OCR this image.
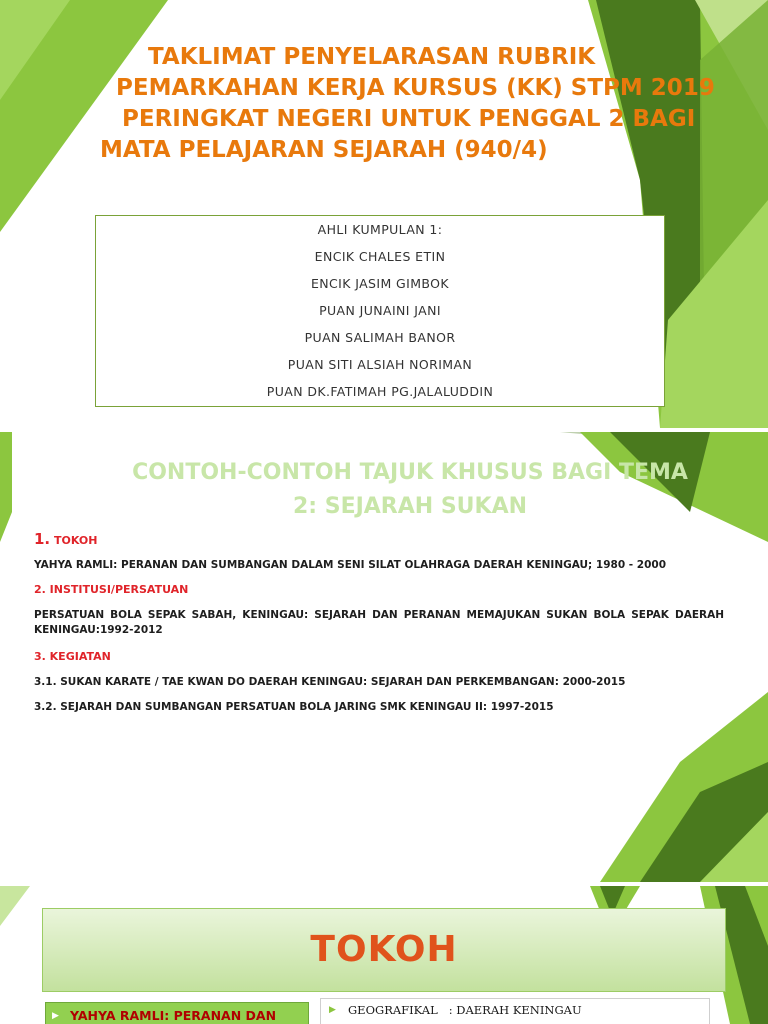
TAKLIMAT PENYELARASAN RUBRIK
PEMARKAHAN KERJA KURSUS (KK) STPM 2019
PERINGKAT NEGERI UNTUK PENGGAL 2 BAGI
MATA PELAJARAN SEJARAH (940/4)
AHLI KUMPULAN 1:
ENCIK CHALES ETIN
ENCIK JASIM GIMBOK
PUAN JUNAINI JANI
PUAN SALIMAH BANOR
PUAN SITI ALSIAH NORIMAN
PUAN DK.FATIMAH PG.JALALUDDIN
CONTOH-CONTOH TAJUK KHUSUS BAGI TEMA
2: SEJARAH SUKAN
1. TOKOH
YAHYA RAMLI: PERANAN DAN SUMBANGAN DALAM SENI SILAT OLAHRAGA DAERAH KENINGAU; 1980 - 2000
2. INSTITUSI/PERSATUAN
PERSATUAN BOLA SEPAK SABAH, KENINGAU: SEJARAH DAN PERANAN MEMAJUKAN SUKAN BOLA SEPAK DAERAH KENINGAU:1992-2012
3. KEGIATAN
3.1. SUKAN KARATE / TAE KWAN DO DAERAH KENINGAU: SEJARAH DAN PERKEMBANGAN: 2000-2015
3.2. SEJARAH DAN SUMBANGAN PERSATUAN BOLA JARING SMK KENINGAU II: 1997-2015
TOKOH
▶ YAHYA RAMLI: PERANAN DAN	▶ GEOGRAFIKAL   : DAERAH KENINGAU
